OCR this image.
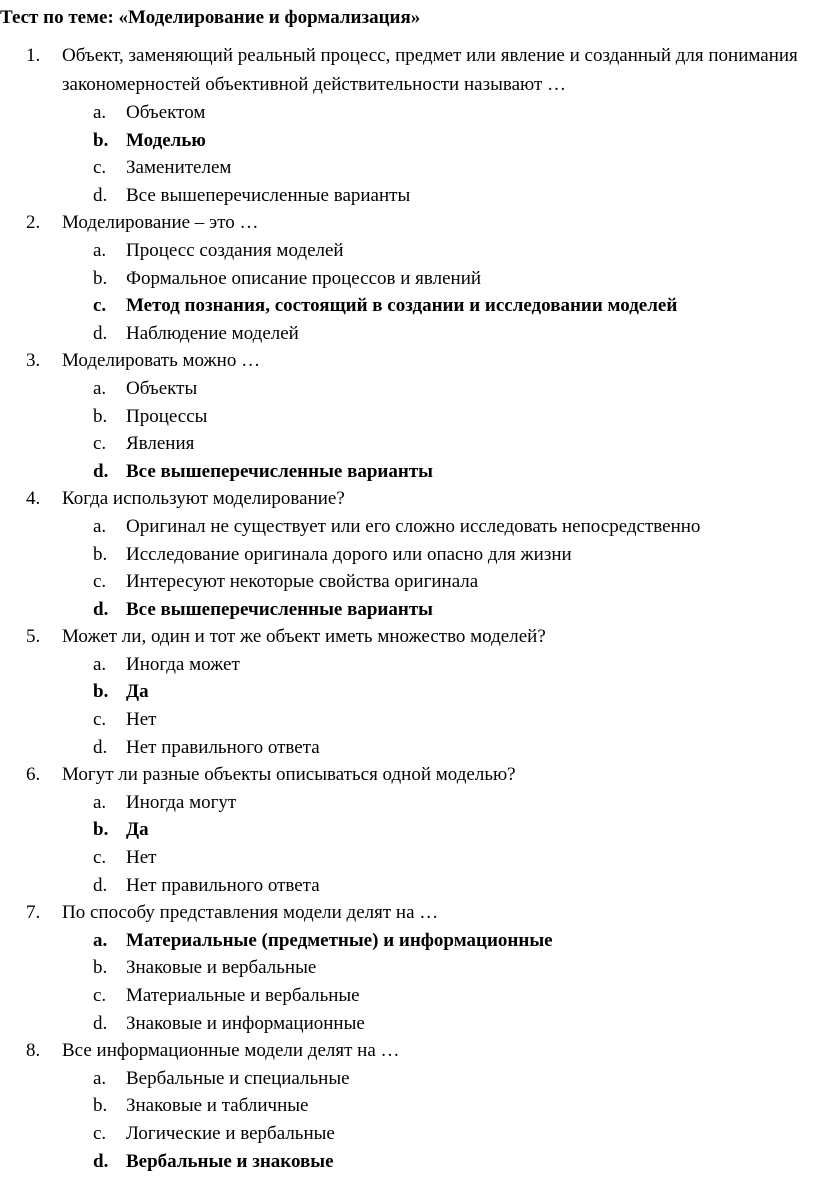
Тест по теме: «Моделирование и формализация»
1. Объект, заменяющий реальный процесс, предмет или явление и созданный для понимания закономерностей объективной действительности называют …
a. Объектом
b. Моделью
c. Заменителем
d. Все вышеперечисленные варианты
2. Моделирование – это …
a. Процесс создания моделей
b. Формальное описание процессов и явлений
c. Метод познания, состоящий в создании и исследовании моделей
d. Наблюдение моделей
3. Моделировать можно …
a. Объекты
b. Процессы
c. Явления
d. Все вышеперечисленные варианты
4. Когда используют моделирование?
a. Оригинал не существует или его сложно исследовать непосредственно
b. Исследование оригинала дорого или опасно для жизни
c. Интересуют некоторые свойства оригинала
d. Все вышеперечисленные варианты
5. Может ли, один и тот же объект иметь множество моделей?
a. Иногда может
b. Да
c. Нет
d. Нет правильного ответа
6. Могут ли разные объекты описываться одной моделью?
a. Иногда могут
b. Да
c. Нет
d. Нет правильного ответа
7. По способу представления модели делят на …
a. Материальные (предметные) и информационные
b. Знаковые и вербальные
c. Материальные и вербальные
d. Знаковые и информационные
8. Все информационные модели делят на …
a. Вербальные и специальные
b. Знаковые и табличные
c. Логические и вербальные
d. Вербальные и знаковые
